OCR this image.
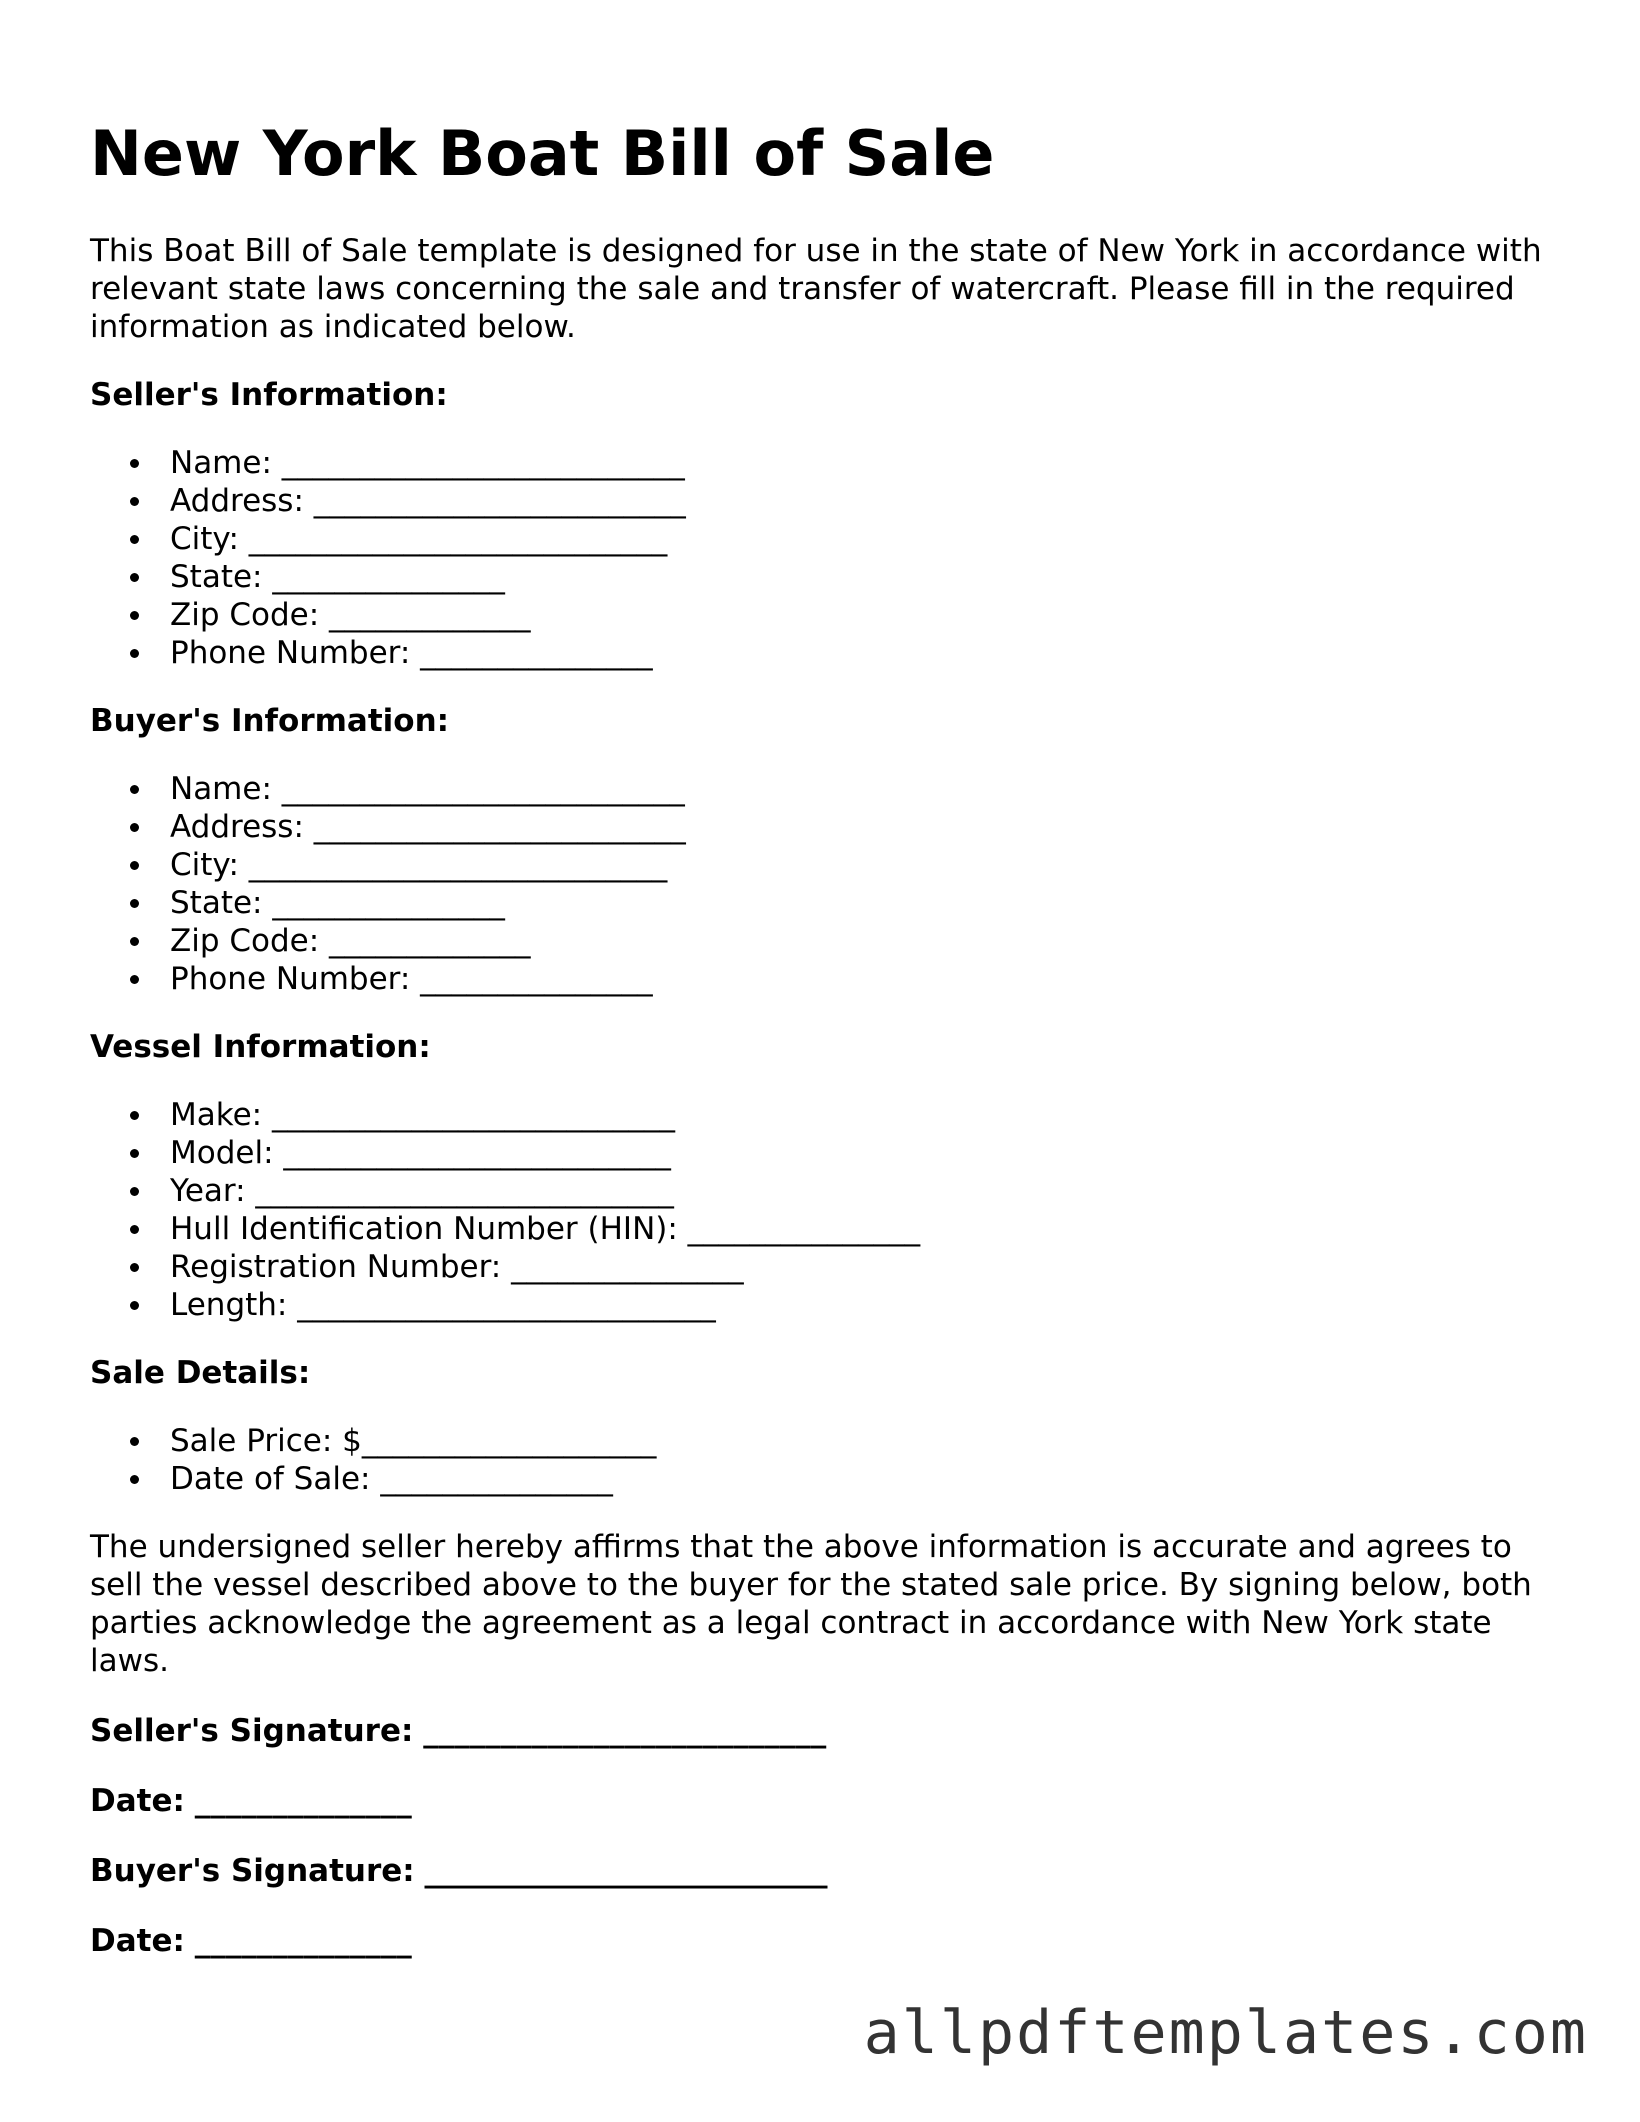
New York Boat Bill of Sale

This Boat Bill of Sale template is designed for use in the state of New York in accordance with relevant state laws concerning the sale and transfer of watercraft. Please fill in the required information as indicated below.

Seller's Information:
Name: __________________________
Address: ________________________
City: ___________________________
State: _______________
Zip Code: _____________
Phone Number: _______________
Buyer's Information:
Name: __________________________
Address: ________________________
City: ___________________________
State: _______________
Zip Code: _____________
Phone Number: _______________
Vessel Information:
Make: __________________________
Model: _________________________
Year: ___________________________
Hull Identification Number (HIN): _______________
Registration Number: _______________
Length: ___________________________
Sale Details:
Sale Price: $___________________
Date of Sale: _______________

The undersigned seller hereby affirms that the above information is accurate and agrees to sell the vessel described above to the buyer for the stated sale price. By signing below, both parties acknowledge the agreement as a legal contract in accordance with New York state laws.

Seller's Signature: __________________________
Date: ______________
Buyer's Signature: __________________________
Date: ______________
allpdftemplates.com
